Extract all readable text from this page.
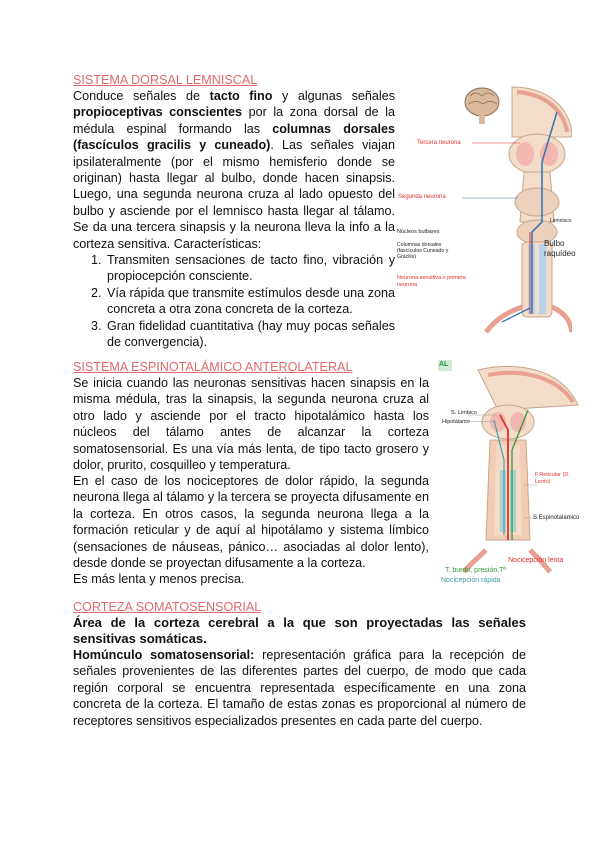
SISTEMA DORSAL LEMNISCAL

Conduce señales de tacto fino y algunas señales propioceptivas conscientes por la zona dorsal de la médula espinal formando las columnas dorsales (fascículos gracilis y cuneado). Las señales viajan ipsilateralmente (por el mismo hemisferio donde se originan) hasta llegar al bulbo, donde hacen sinapsis. Luego, una segunda neurona cruza al lado opuesto del bulbo y asciende por el lemnisco hasta llegar al tálamo. Se da una tercera sinapsis y la neurona lleva la info a la corteza sensitiva. Características:

1. Transmiten sensaciones de tacto fino, vibración y propiocepción consciente.
2. Vía rápida que transmite estímulos desde una zona concreta a otra zona concreta de la corteza.
3. Gran fidelidad cuantitativa (hay muy pocas señales de convergencia).
Tercera neurona
Segunda neurona
Lemnisco
Núcleos bulbares
Columnas dorsales (fascículos Cuneado y Grácilis)
Bulbo raquídeo
Neurona sensitiva o primera neurona
SISTEMA ESPINOTALÁMICO ANTEROLATERAL

Se inicia cuando las neuronas sensitivas hacen sinapsis en la misma médula, tras la sinapsis, la segunda neurona cruza al otro lado y asciende por el tracto hipotalámico hasta los núcleos del tálamo antes de alcanzar la corteza somatosensorial. Es una vía más lenta, de tipo tacto grosero y dolor, prurito, cosquilleo y temperatura.

En el caso de los nociceptores de dolor rápido, la segunda neurona llega al tálamo y la tercera se proyecta difusamente en la corteza. En otros casos, la segunda neurona llega a la formación reticular y de aquí al hipotálamo y sistema límbico (sensaciones de náuseas, pánico… asociadas al dolor lento), desde donde se proyectan difusamente a la corteza.

Es más lenta y menos precisa.

AL
S. Límbico
Hipotálamo
F.Reticular (D. Lento)
S Espinotalámico
Nocicepción lenta
T. burdo, presión,Tª
Nocicepción rápida
CORTEZA SOMATOSENSORIAL

Área de la corteza cerebral a la que son proyectadas las señales sensitivas somáticas.

Homúnculo somatosensorial: representación gráfica para la recepción de señales provenientes de las diferentes partes del cuerpo, de modo que cada región corporal se encuentra representada específicamente en una zona concreta de la corteza. El tamaño de estas zonas es proporcional al número de receptores sensitivos especializados presentes en cada parte del cuerpo.
